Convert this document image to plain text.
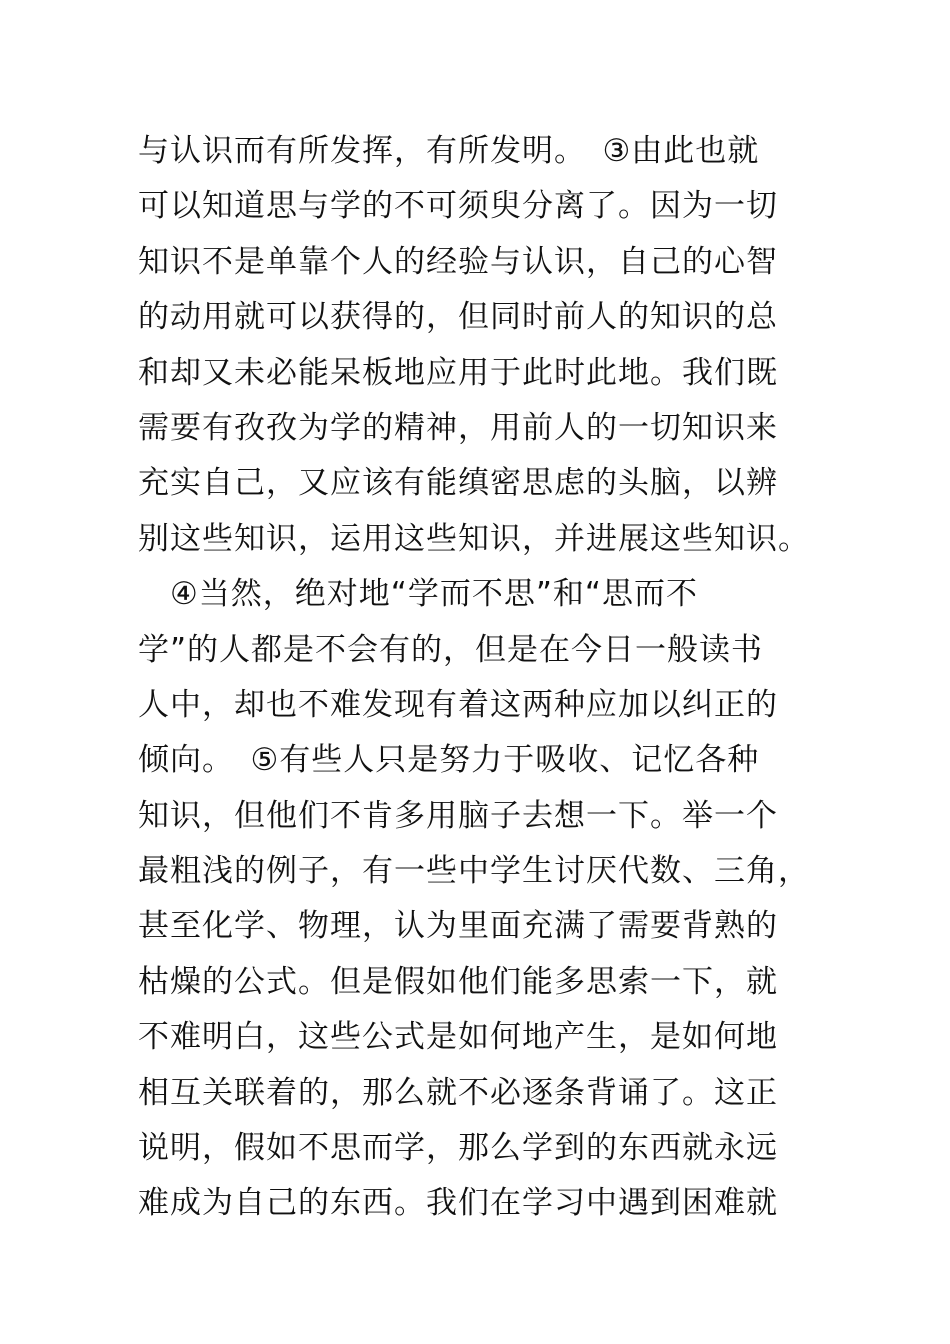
与认识而有所发挥，有所发明。　③由此也就
可以知道思与学的不可须臾分离了。因为一切
知识不是单靠个人的经验与认识，自己的心智
的动用就可以获得的，但同时前人的知识的总
和却又未必能呆板地应用于此时此地。我们既
需要有孜孜为学的精神，用前人的一切知识来
充实自己，又应该有能缜密思虑的头脑，以辨
别这些知识，运用这些知识，并进展这些知识。
　④当然，绝对地“学而不思”和“思而不
学”的人都是不会有的，但是在今日一般读书
人中，却也不难发现有着这两种应加以纠正的
倾向。　⑤有些人只是努力于吸收、记忆各种
知识，但他们不肯多用脑子去想一下。举一个
最粗浅的例子，有一些中学生讨厌代数、三角，
甚至化学、物理，认为里面充满了需要背熟的
枯燥的公式。但是假如他们能多思索一下，就
不难明白，这些公式是如何地产生，是如何地
相互关联着的，那么就不必逐条背诵了。这正
说明，假如不思而学，那么学到的东西就永远
难成为自己的东西。我们在学习中遇到困难就
